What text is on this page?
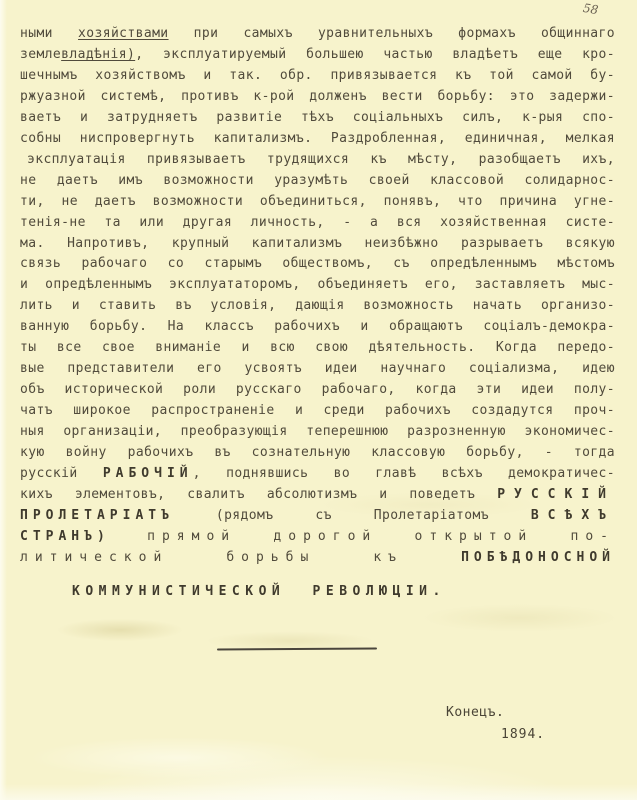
58

ными хозяйствами при самыхъ уравнительныхъ формахъ общиннаго

землевладѣнія), эксплуатируемый большею частью владѣетъ еще кро-

шечнымъ хозяйствомъ и так. обр. привязывается къ той самой бу-

ржуазной системѣ, противъ к-рой долженъ вести борьбу: это задержи-

ваетъ и затрудняетъ развитіе тѣхъ соціальныхъ силъ, к-рыя спо-

собны ниспровергнуть капитализмъ. Раздробленная, единичная, мелкая

эксплуатація привязываетъ трудящихся къ мѣсту, разобщаетъ ихъ,

не даетъ имъ возможности уразумѣть своей классовой солидарнос-

ти, не даетъ возможности объединиться, понявъ, что причина угне-

тенія-не та или другая личность, - а вся хозяйственная систе-

ма. Напротивъ, крупный капитализмъ неизбѣжно разрываетъ всякую

связь рабочаго со старымъ обществомъ, съ опредѣленнымъ мѣстомъ

и опредѣленнымъ эксплуататоромъ, объединяетъ его, заставляетъ мыс-

лить и ставить въ условія, дающія возможность начать организо-

ванную борьбу. На классъ рабочихъ и обращаютъ соціалъ-демокра-

ты все свое вниманіе и всю свою дѣятельность. Когда передо-

вые представители его усвоятъ идеи научнаго соціализма, идею

объ исторической роли русскаго рабочаго, когда эти идеи полу-

чатъ широкое распространеніе и среди рабочихъ создадутся проч-

ныя организаціи, преобразующія теперешнюю разрозненную экономичес-

кую войну рабочихъ въ сознательную классовую борьбу, - тогда

русскій РАБОЧІЙ, поднявшись во главѣ всѣхъ демократичес-

кихъ элементовъ, свалитъ абсолютизмъ и поведетъ РУССКІЙ

ПРОЛЕТАРІАТЪ (рядомъ съ Пролетаріатомъ ВСѢХЪ

СТРАНЪ) прямой дорогой открытой по-

литической борьбы къ ПОБѢДОНОСНОЙ

КОММУНИСТИЧЕСКОЙ РЕВОЛЮЦІИ.
Конецъ.
1894.
